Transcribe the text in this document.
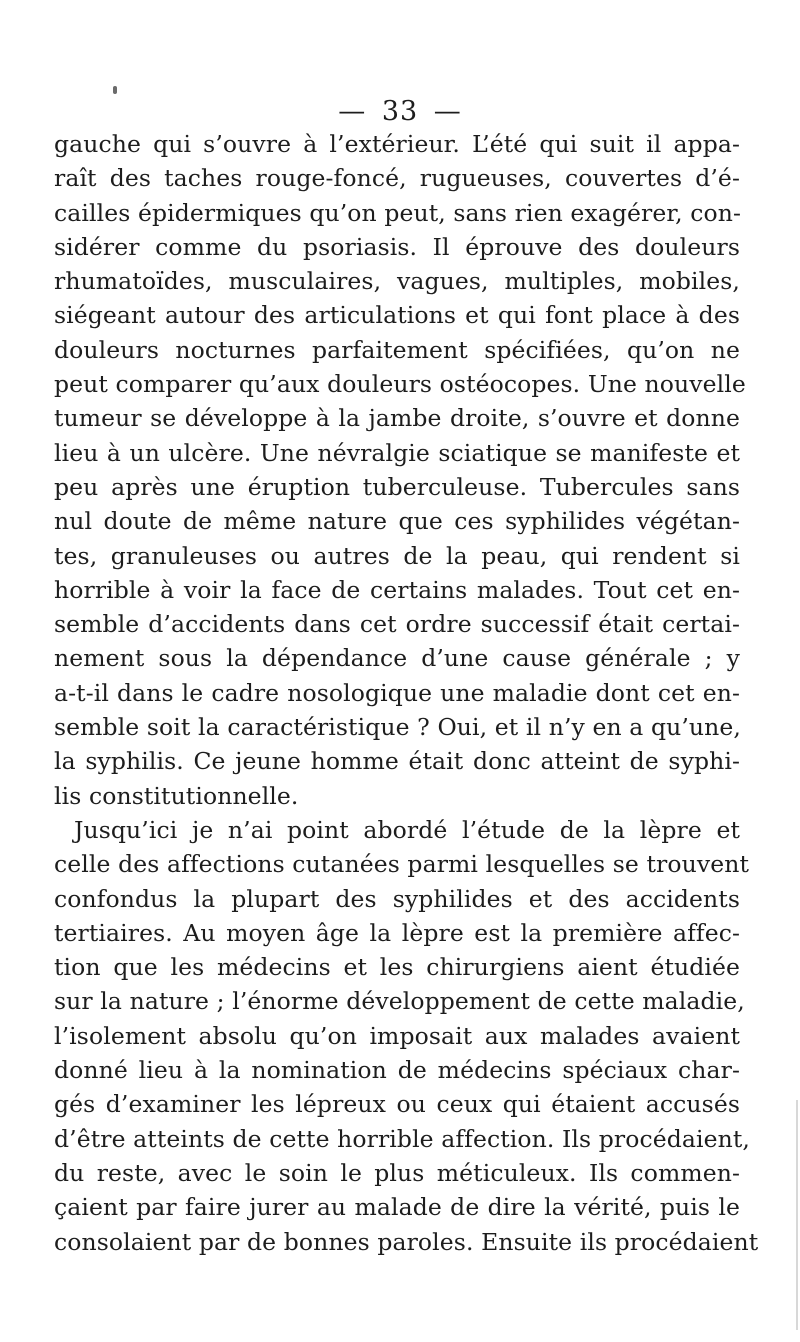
— 33 —
gauche qui s’ouvre à l’extérieur. L’été qui suit il appa-
raît des taches rouge-foncé, rugueuses, couvertes d’é-
cailles épidermiques qu’on peut, sans rien exagérer, con-
sidérer comme du psoriasis. Il éprouve des douleurs
rhumatoïdes, musculaires, vagues, multiples, mobiles,
siégeant autour des articulations et qui font place à des
douleurs nocturnes parfaitement spécifiées, qu’on ne
peut comparer qu’aux douleurs ostéocopes. Une nouvelle
tumeur se développe à la jambe droite, s’ouvre et donne
lieu à un ulcère. Une névralgie sciatique se manifeste et
peu après une éruption tuberculeuse. Tubercules sans
nul doute de même nature que ces syphilides végétan-
tes, granuleuses ou autres de la peau, qui rendent si
horrible à voir la face de certains malades. Tout cet en-
semble d’accidents dans cet ordre successif était certai-
nement sous la dépendance d’une cause générale ; y
a-t-il dans le cadre nosologique une maladie dont cet en-
semble soit la caractéristique ? Oui, et il n’y en a qu’une,
la syphilis. Ce jeune homme était donc atteint de syphi-
lis constitutionnelle.
Jusqu’ici je n’ai point abordé l’étude de la lèpre et
celle des affections cutanées parmi lesquelles se trouvent
confondus la plupart des syphilides et des accidents
tertiaires. Au moyen âge la lèpre est la première affec-
tion que les médecins et les chirurgiens aient étudiée
sur la nature ; l’énorme développement de cette maladie,
l’isolement absolu qu’on imposait aux malades avaient
donné lieu à la nomination de médecins spéciaux char-
gés d’examiner les lépreux ou ceux qui étaient accusés
d’être atteints de cette horrible affection. Ils procédaient,
du reste, avec le soin le plus méticuleux. Ils commen-
çaient par faire jurer au malade de dire la vérité, puis le
consolaient par de bonnes paroles. Ensuite ils procédaient
